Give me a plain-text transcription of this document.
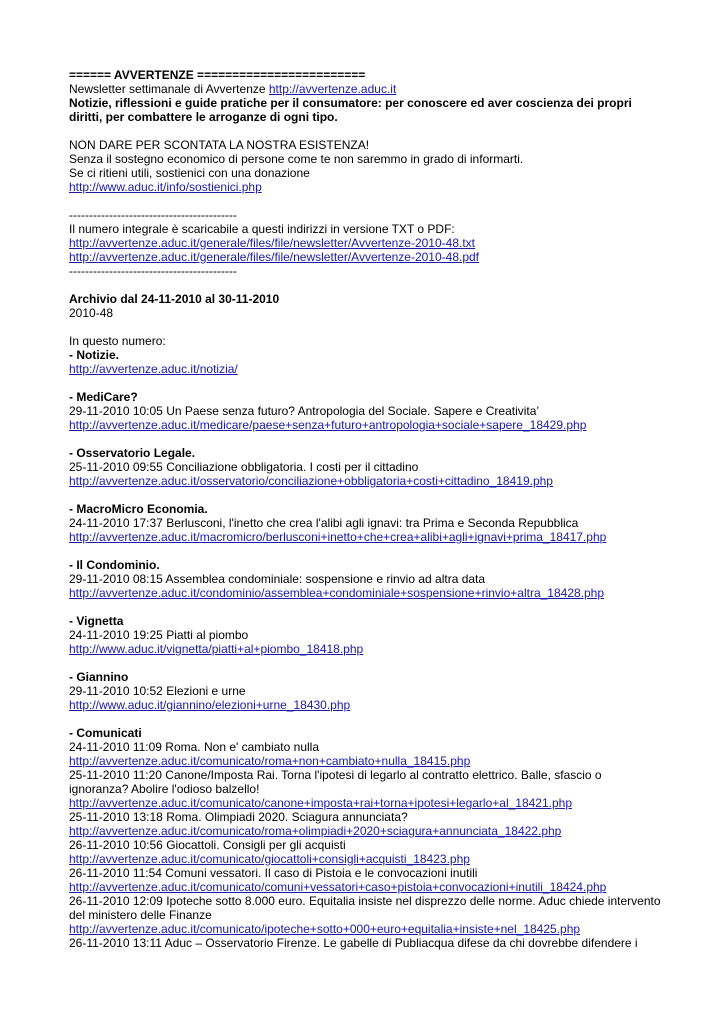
====== AVVERTENZE ========================
Newsletter settimanale di Avvertenze http://avvertenze.aduc.it
Notizie, riflessioni e guide pratiche per il consumatore: per conoscere ed aver coscienza dei propri diritti, per combattere le arroganze di ogni tipo.
NON DARE PER SCONTATA LA NOSTRA ESISTENZA!
Senza il sostegno economico di persone come te non saremmo in grado di informarti.
Se ci ritieni utili, sostienici con una donazione
http://www.aduc.it/info/sostienici.php
------------------------------------------
Il numero integrale è scaricabile a questi indirizzi in versione TXT o PDF:
http://avvertenze.aduc.it/generale/files/file/newsletter/Avvertenze-2010-48.txt
http://avvertenze.aduc.it/generale/files/file/newsletter/Avvertenze-2010-48.pdf
------------------------------------------
Archivio dal 24-11-2010 al 30-11-2010
2010-48
In questo numero:
- Notizie.
http://avvertenze.aduc.it/notizia/
- MediCare?
29-11-2010 10:05 Un Paese senza futuro? Antropologia del Sociale. Sapere e Creativita’
http://avvertenze.aduc.it/medicare/paese+senza+futuro+antropologia+sociale+sapere_18429.php
- Osservatorio Legale.
25-11-2010 09:55 Conciliazione obbligatoria. I costi per il cittadino
http://avvertenze.aduc.it/osservatorio/conciliazione+obbligatoria+costi+cittadino_18419.php
- MacroMicro Economia.
24-11-2010 17:37 Berlusconi, l'inetto che crea l'alibi agli ignavi: tra Prima e Seconda Repubblica
http://avvertenze.aduc.it/macromicro/berlusconi+inetto+che+crea+alibi+agli+ignavi+prima_18417.php
- Il Condominio.
29-11-2010 08:15 Assemblea condominiale: sospensione e rinvio ad altra data
http://avvertenze.aduc.it/condominio/assemblea+condominiale+sospensione+rinvio+altra_18428.php
- Vignetta
24-11-2010 19:25 Piatti al piombo
http://www.aduc.it/vignetta/piatti+al+piombo_18418.php
- Giannino
29-11-2010 10:52 Elezioni e urne
http://www.aduc.it/giannino/elezioni+urne_18430.php
- Comunicati
24-11-2010 11:09 Roma. Non e' cambiato nulla
http://avvertenze.aduc.it/comunicato/roma+non+cambiato+nulla_18415.php
25-11-2010 11:20 Canone/Imposta Rai. Torna l'ipotesi di legarlo al contratto elettrico. Balle, sfascio o ignoranza? Abolire l'odioso balzello!
http://avvertenze.aduc.it/comunicato/canone+imposta+rai+torna+ipotesi+legarlo+al_18421.php
25-11-2010 13:18 Roma. Olimpiadi 2020. Sciagura annunciata?
http://avvertenze.aduc.it/comunicato/roma+olimpiadi+2020+sciagura+annunciata_18422.php
26-11-2010 10:56 Giocattoli. Consigli per gli acquisti
http://avvertenze.aduc.it/comunicato/giocattoli+consigli+acquisti_18423.php
26-11-2010 11:54 Comuni vessatori. Il caso di Pistoia e le convocazioni inutili
http://avvertenze.aduc.it/comunicato/comuni+vessatori+caso+pistoia+convocazioni+inutili_18424.php
26-11-2010 12:09 Ipoteche sotto 8.000 euro. Equitalia insiste nel disprezzo delle norme. Aduc chiede intervento del ministero delle Finanze
http://avvertenze.aduc.it/comunicato/ipoteche+sotto+000+euro+equitalia+insiste+nel_18425.php
26-11-2010 13:11 Aduc – Osservatorio Firenze. Le gabelle di Publiacqua difese da chi dovrebbe difendere i
